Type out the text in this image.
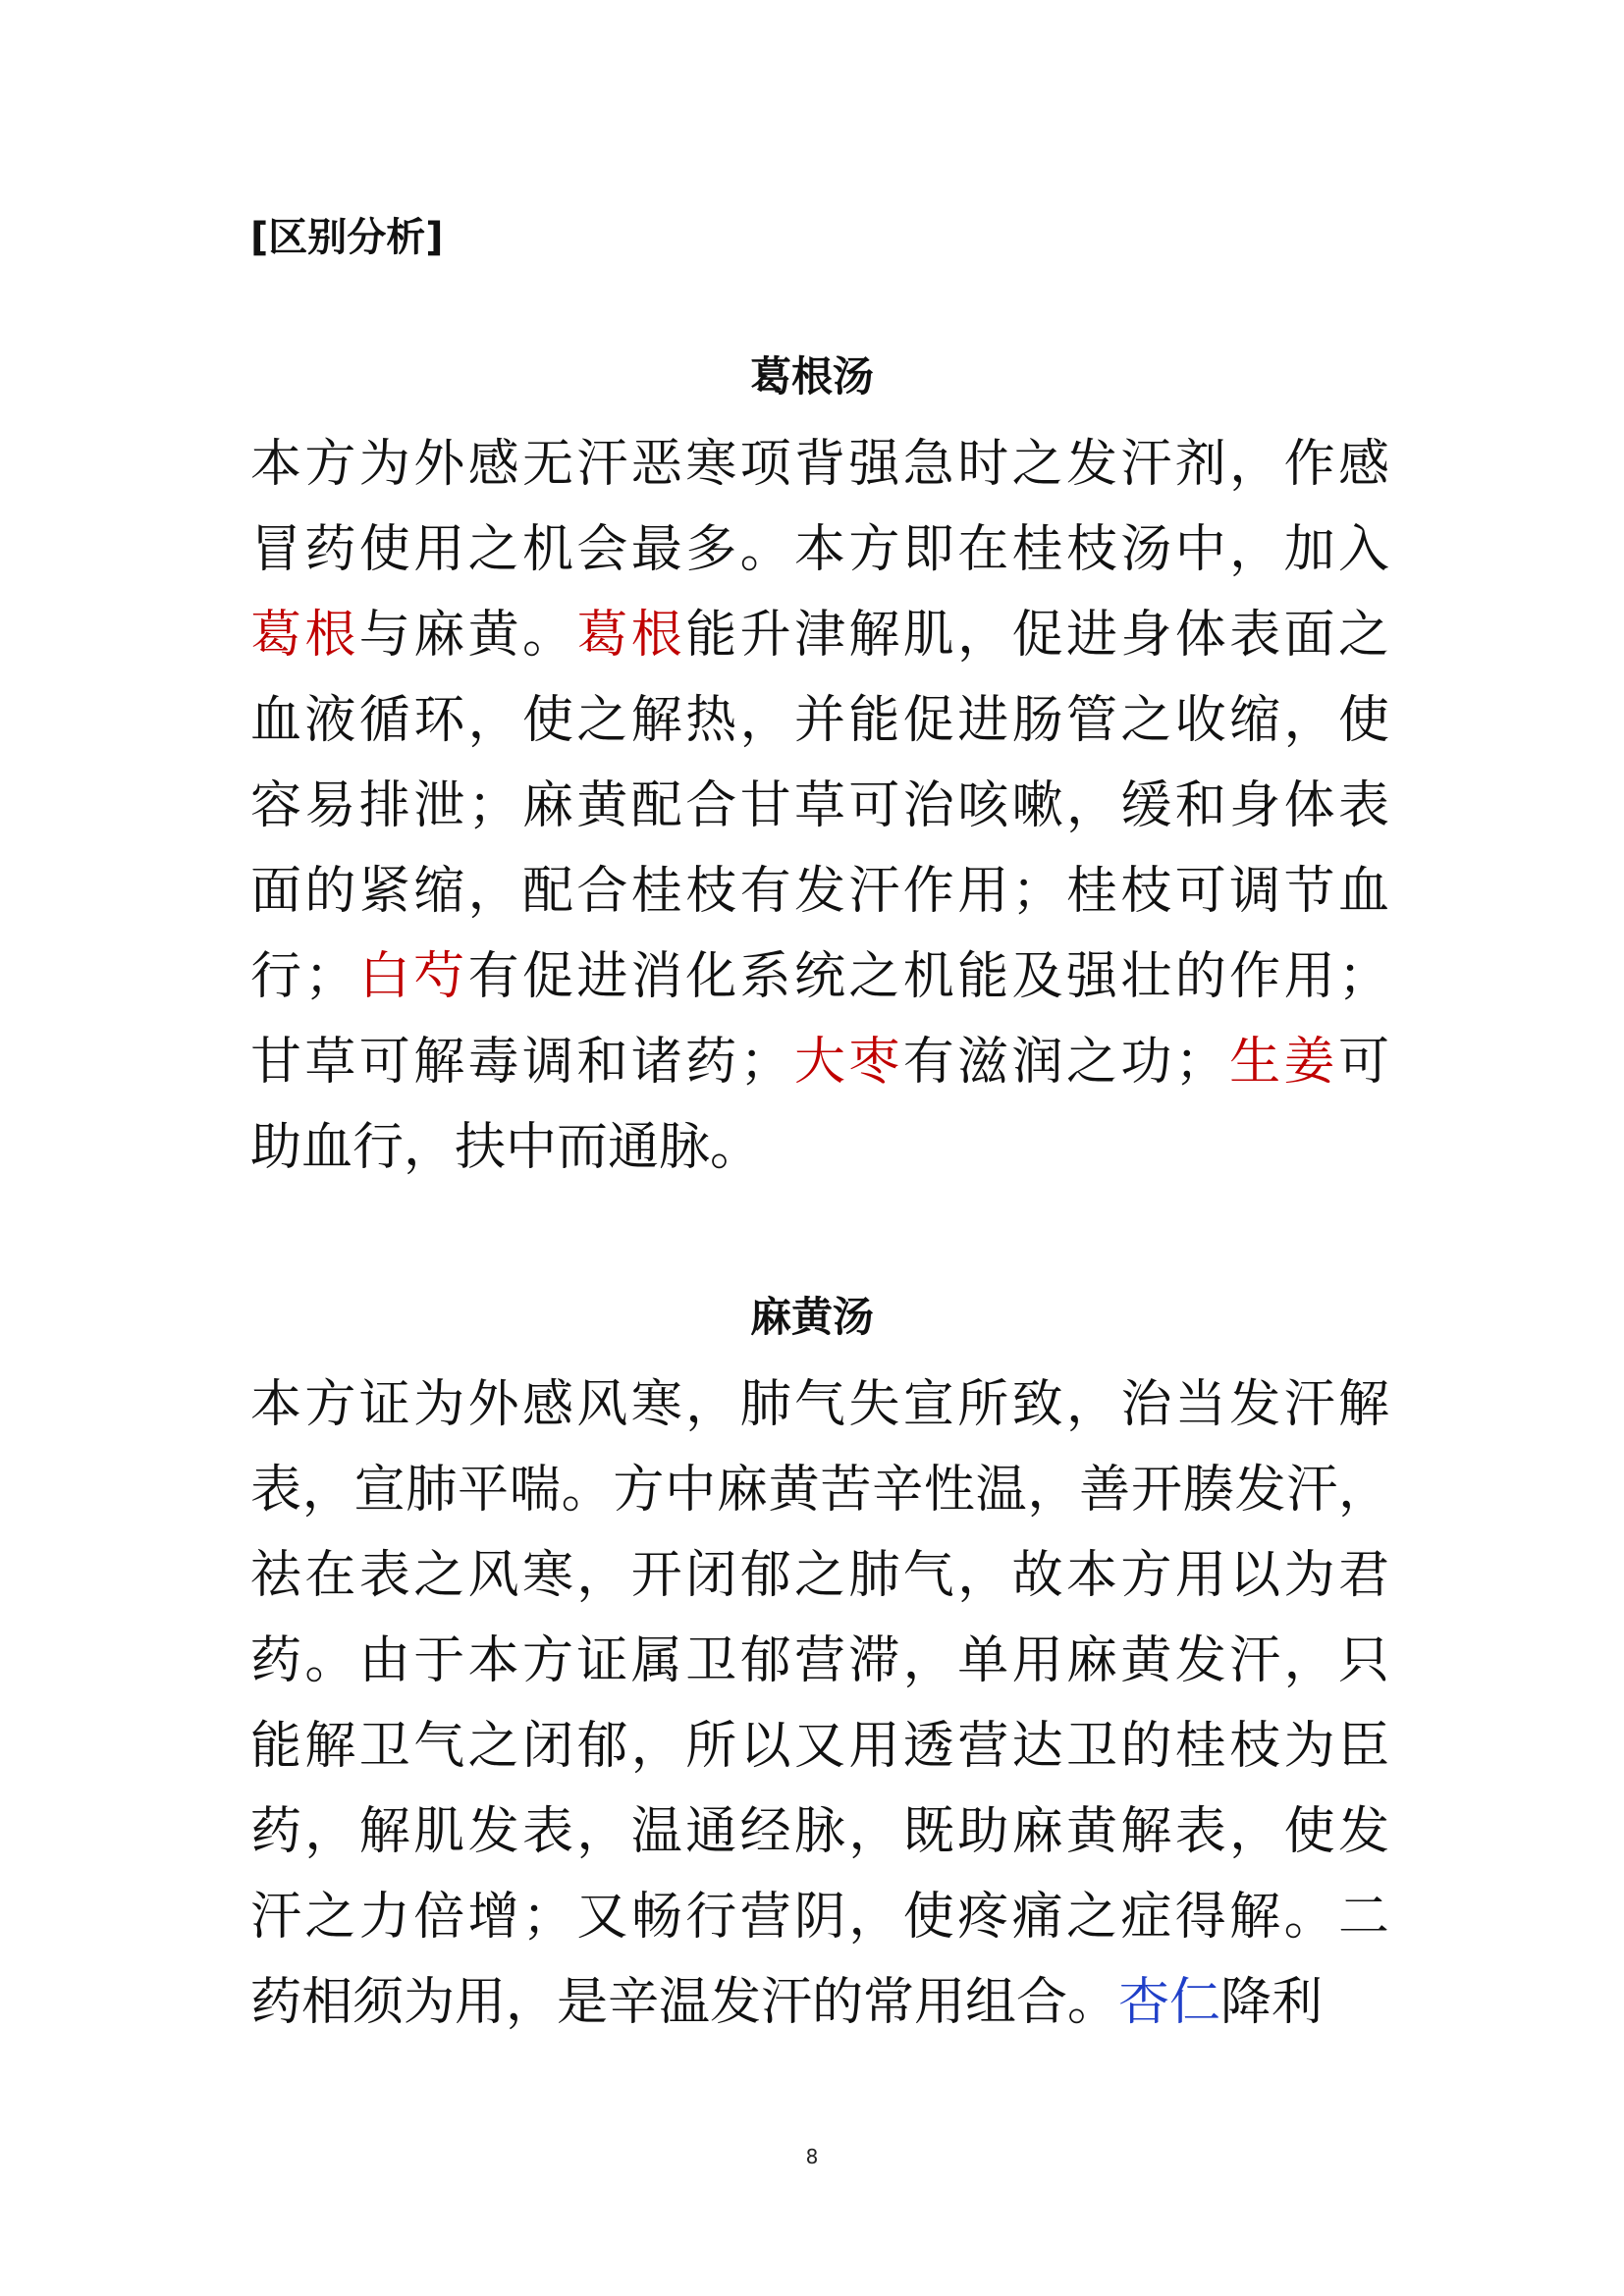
[区别分析]
葛根汤
本方为外感无汗恶寒项背强急时之发汗剂，作感
冒药使用之机会最多。本方即在桂枝汤中，加入
葛根与麻黄。葛根能升津解肌，促进身体表面之
血液循环，使之解热，并能促进肠管之收缩，使
容易排泄；麻黄配合甘草可治咳嗽，缓和身体表
面的紧缩，配合桂枝有发汗作用；桂枝可调节血
行；白芍有促进消化系统之机能及强壮的作用；
甘草可解毒调和诸药；大枣有滋润之功；生姜可
助血行，扶中而通脉。
麻黄汤
本方证为外感风寒，肺气失宣所致，治当发汗解
表，宣肺平喘。方中麻黄苦辛性温，善开腠发汗，
祛在表之风寒，开闭郁之肺气，故本方用以为君
药。由于本方证属卫郁营滞，单用麻黄发汗，只
能解卫气之闭郁，所以又用透营达卫的桂枝为臣
药，解肌发表，温通经脉，既助麻黄解表，使发
汗之力倍增；又畅行营阴，使疼痛之症得解。二
药相须为用，是辛温发汗的常用组合。杏仁降利
8
